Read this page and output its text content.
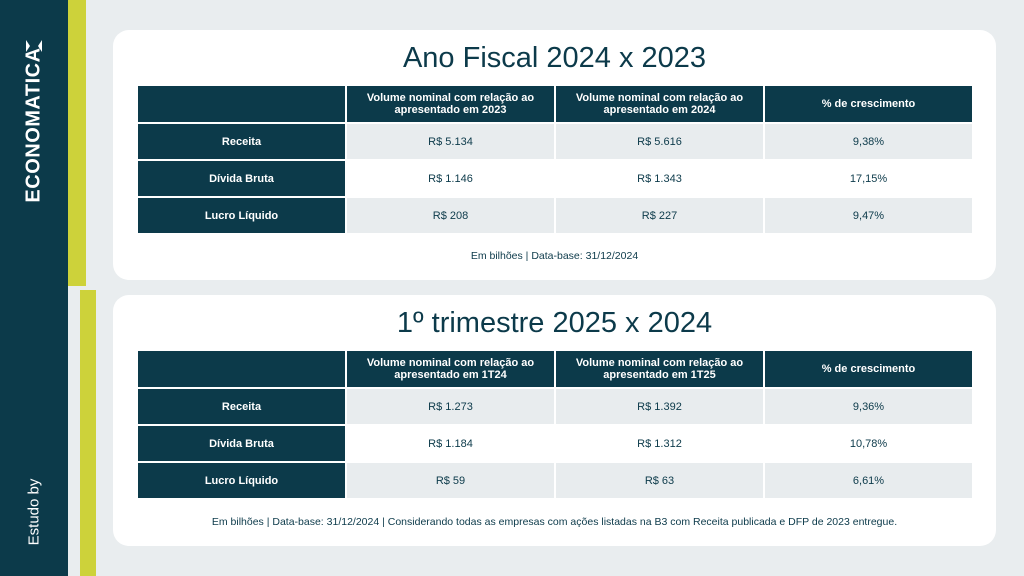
ECONOMATICA
Estudo by
Ano Fiscal 2024 x 2023
	Volume nominal com relação ao apresentado em 2023	Volume nominal com relação ao apresentado em 2024	% de crescimento
Receita	R$ 5.134	R$ 5.616	9,38%
Dívida Bruta	R$ 1.146	R$ 1.343	17,15%
Lucro Líquido	R$ 208	R$ 227	9,47%
Em bilhões | Data-base: 31/12/2024
1º trimestre 2025 x 2024
	Volume nominal com relação ao apresentado em 1T24	Volume nominal com relação ao apresentado em 1T25	% de crescimento
Receita	R$ 1.273	R$ 1.392	9,36%
Dívida Bruta	R$ 1.184	R$ 1.312	10,78%
Lucro Líquido	R$ 59	R$ 63	6,61%
Em bilhões | Data-base: 31/12/2024 | Considerando todas as empresas com ações listadas na B3 com Receita publicada e DFP de 2023 entregue.
